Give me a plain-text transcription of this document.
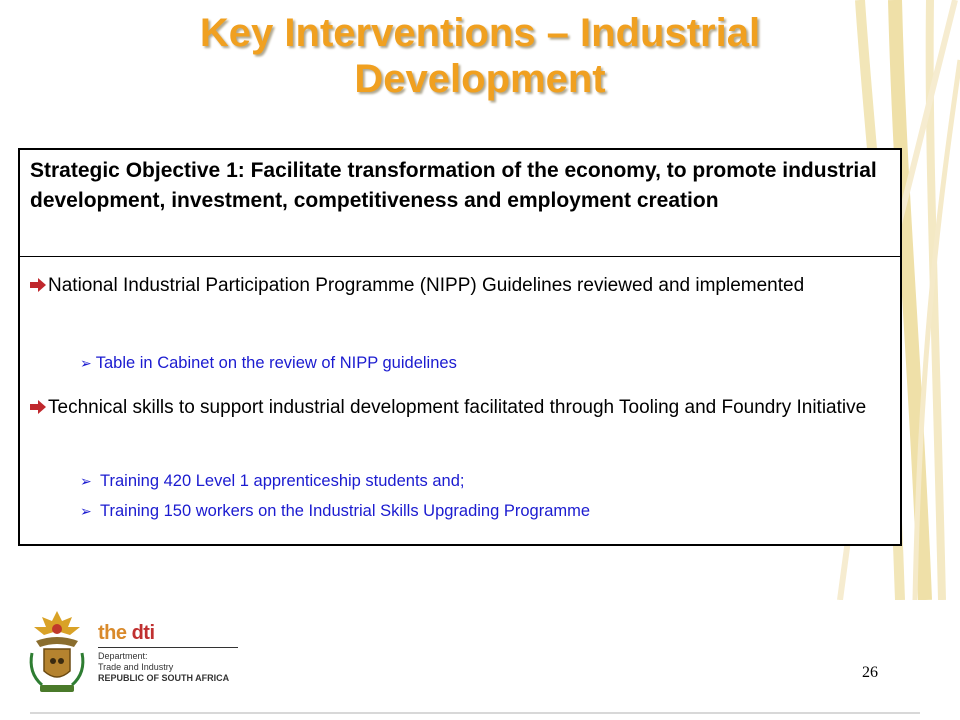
Key Interventions – Industrial
Development
Strategic Objective 1: Facilitate transformation of the economy, to promote industrial development, investment, competitiveness and employment creation
National Industrial Participation Programme (NIPP) Guidelines reviewed and implemented
➢ Table in Cabinet on the review of NIPP guidelines
Technical skills to support industrial development facilitated through Tooling and Foundry Initiative
➢ Training 420 Level 1 apprenticeship students and;
➢ Training 150 workers on the Industrial Skills Upgrading Programme
the dti
Department:
Trade and Industry
REPUBLIC OF SOUTH AFRICA	26
